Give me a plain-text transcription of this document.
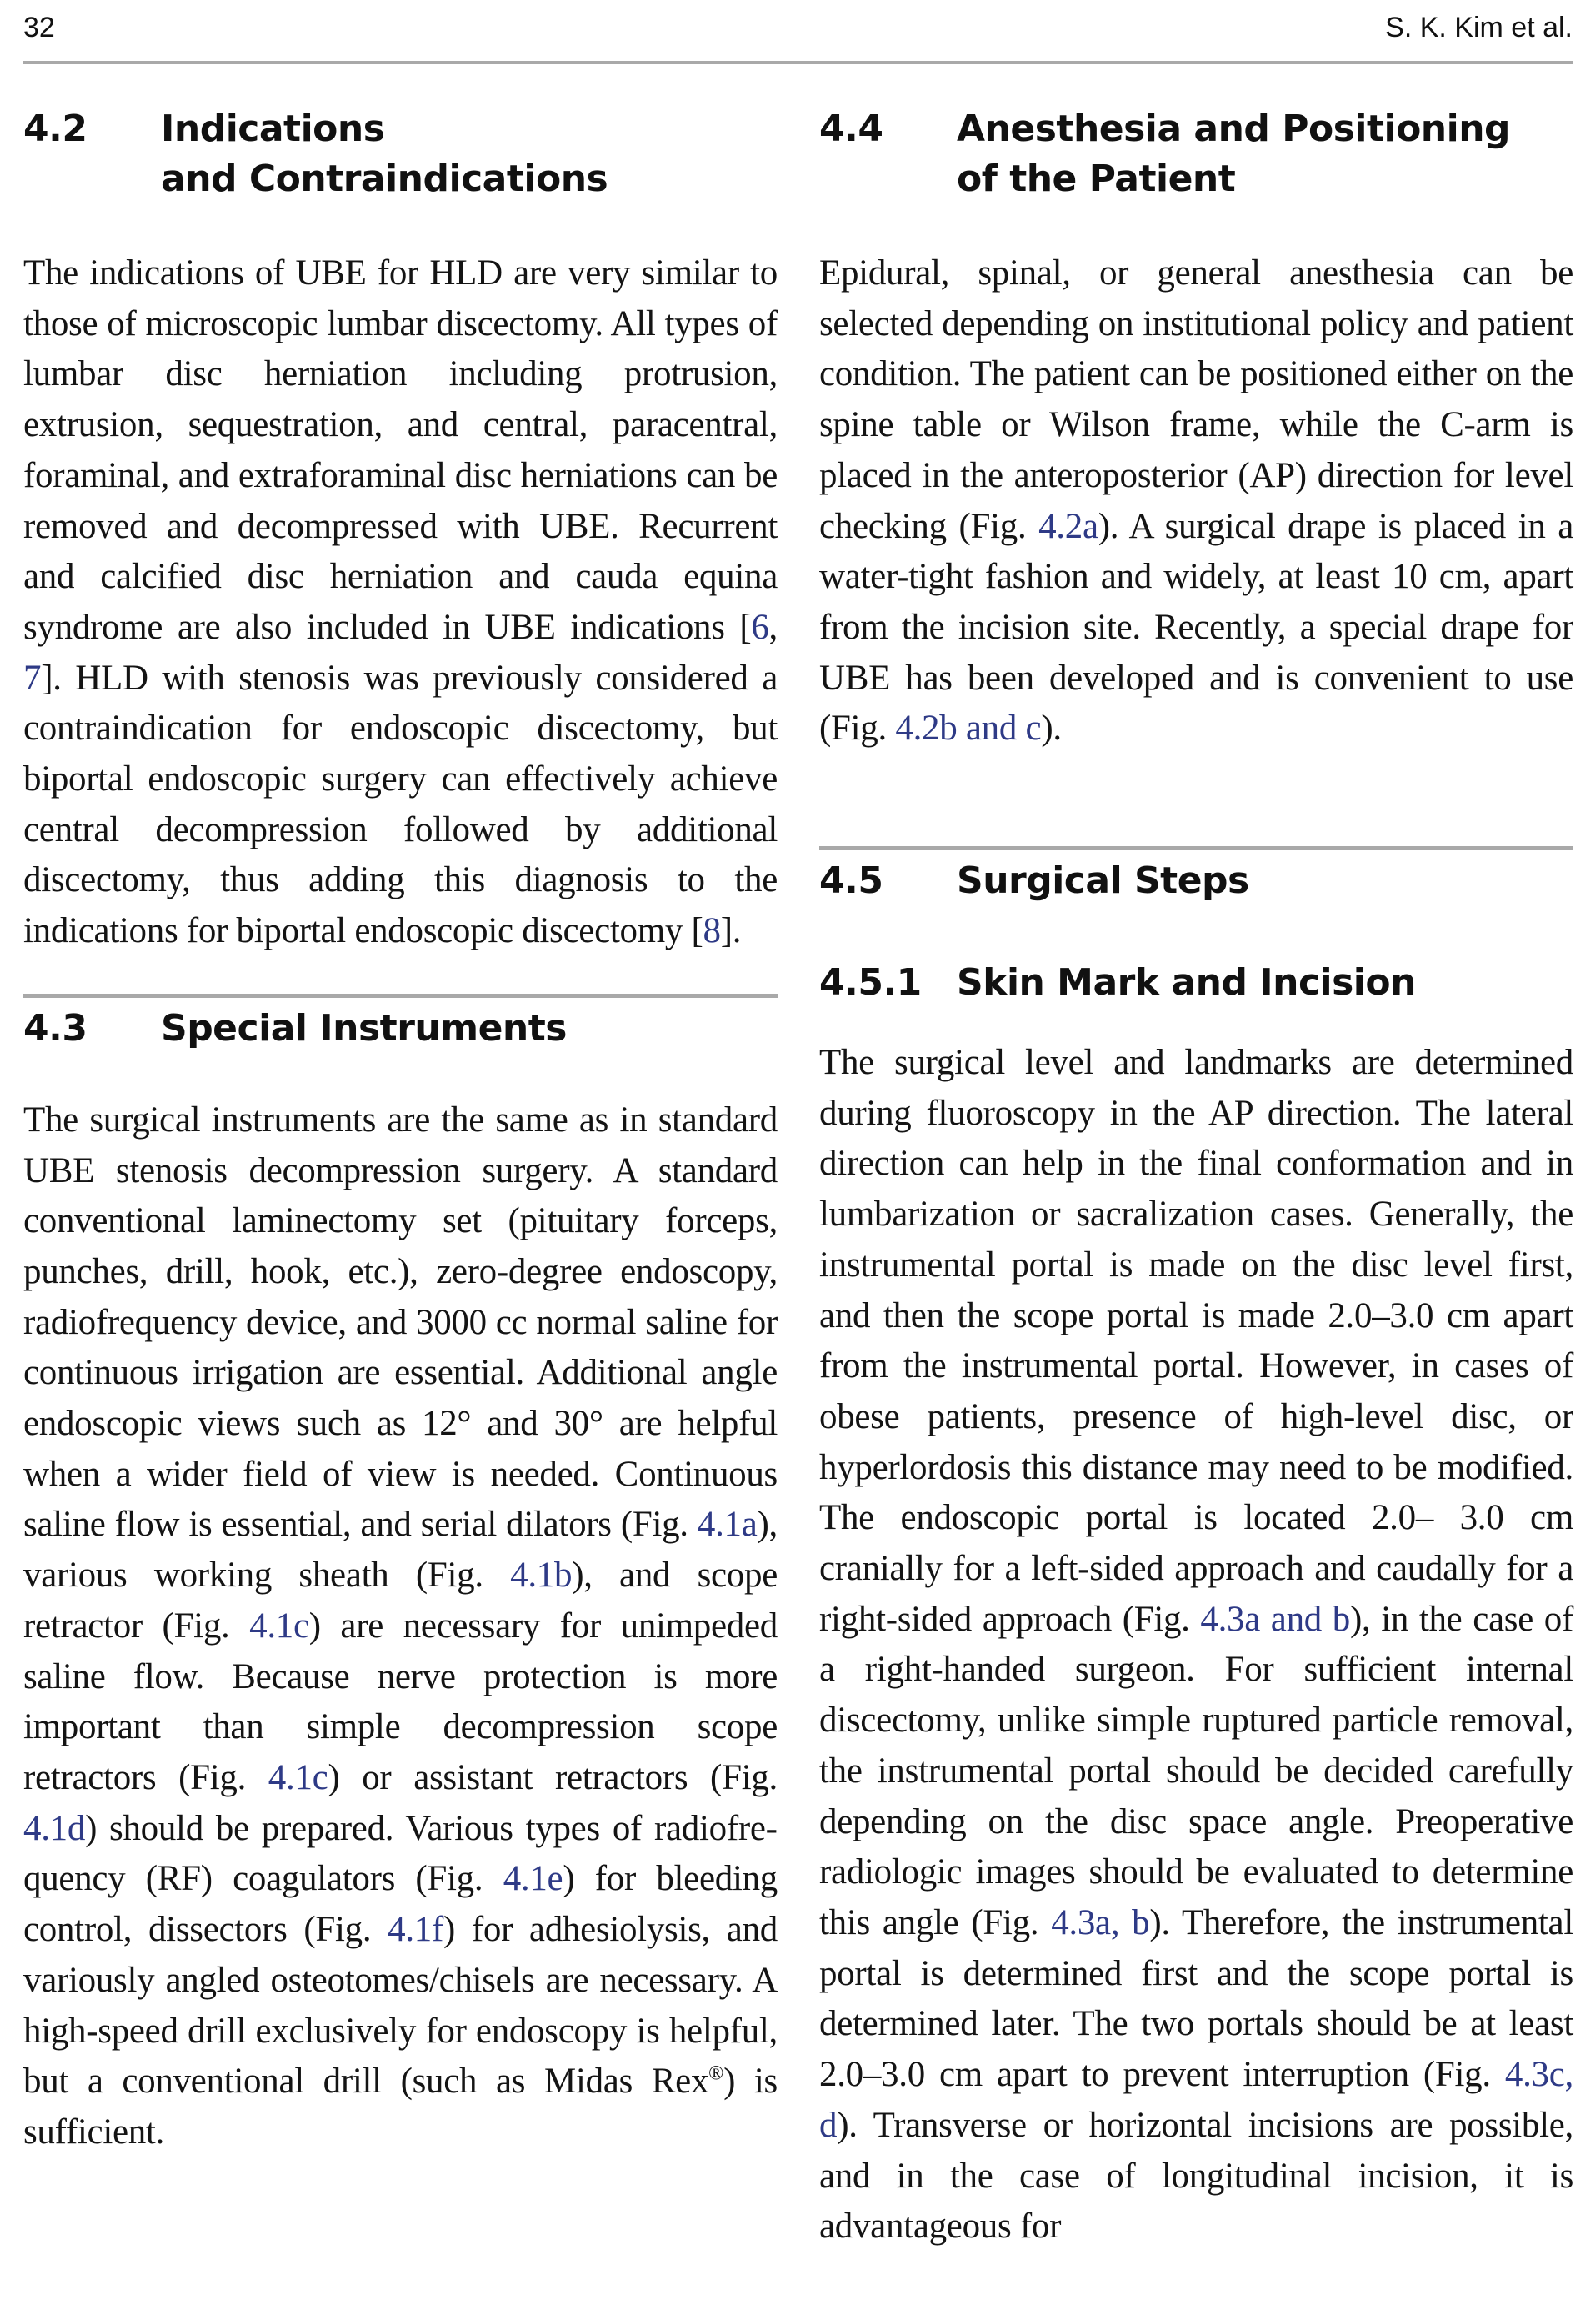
32	S. K. Kim et al.
4.2	Indications
and Contraindications

The indications of UBE for HLD are very similar to those of microscopic lumbar discectomy. All types of lumbar disc herniation including protrusion, extrusion, sequestration, and central, paracentral, foraminal, and extraforaminal disc herniations can be removed and decompressed with UBE. Recurrent and calcified disc herniation and cauda equina syndrome are also included in UBE indications [6, 7]. HLD with stenosis was previously considered a contraindication for endoscopic discectomy, but biportal endoscopic surgery can effectively achieve central decompression followed by additional discectomy, thus adding this diagnosis to the indications for biportal endoscopic discectomy [8].

4.3	Special Instruments

The surgical instruments are the same as in standard UBE stenosis decompression surgery. A standard conventional laminectomy set (pituitary forceps, punches, drill, hook, etc.), zero-degree endoscopy, radiofrequency device, and 3000 cc normal saline for continuous irrigation are essential. Additional angle endoscopic views such as 12° and 30° are helpful when a wider field of view is needed. Continuous saline flow is essential, and serial dilators (Fig. 4.1a), various working sheath (Fig. 4.1b), and scope retractor (Fig. 4.1c) are necessary for unimpeded saline flow. Because nerve protection is more important than simple decompression scope retractors (Fig. 4.1c) or assistant retractors (Fig. 4.1d) should be prepared. Various types of radiofrequency (RF) coagulators (Fig. 4.1e) for bleeding control, dissectors (Fig. 4.1f) for adhesiolysis, and variously angled osteotomes/chisels are necessary. A high-speed drill exclusively for endoscopy is helpful, but a conventional drill (such as Midas Rex®) is sufficient.

4.4	Anesthesia and Positioning
of the Patient

Epidural, spinal, or general anesthesia can be selected depending on institutional policy and patient condition. The patient can be positioned either on the spine table or Wilson frame, while the C-arm is placed in the anteroposterior (AP) direction for level checking (Fig. 4.2a). A surgical drape is placed in a water-tight fashion and widely, at least 10 cm, apart from the incision site. Recently, a special drape for UBE has been developed and is convenient to use (Fig. 4.2b and c).

4.5	Surgical Steps
4.5.1 Skin Mark and Incision

The surgical level and landmarks are determined during fluoroscopy in the AP direction. The lateral direction can help in the final conformation and in lumbarization or sacralization cases. Generally, the instrumental portal is made on the disc level first, and then the scope portal is made 2.0–3.0 cm apart from the instrumental portal. However, in cases of obese patients, presence of high-level disc, or hyperlordosis this distance may need to be modified. The endoscopic portal is located 2.0– 3.0 cm cranially for a left-sided approach and caudally for a right-sided approach (Fig. 4.3a and b), in the case of a right-handed surgeon. For sufficient internal discectomy, unlike simple ruptured particle removal, the instrumental portal should be decided carefully depending on the disc space angle. Preoperative radiologic images should be evaluated to determine this angle (Fig. 4.3a, b). Therefore, the instrumental portal is determined first and the scope portal is determined later. The two portals should be at least 2.0–3.0 cm apart to prevent interruption (Fig. 4.3c, d). Transverse or horizontal incisions are possible, and in the case of longitudinal incision, it is advantageous for
